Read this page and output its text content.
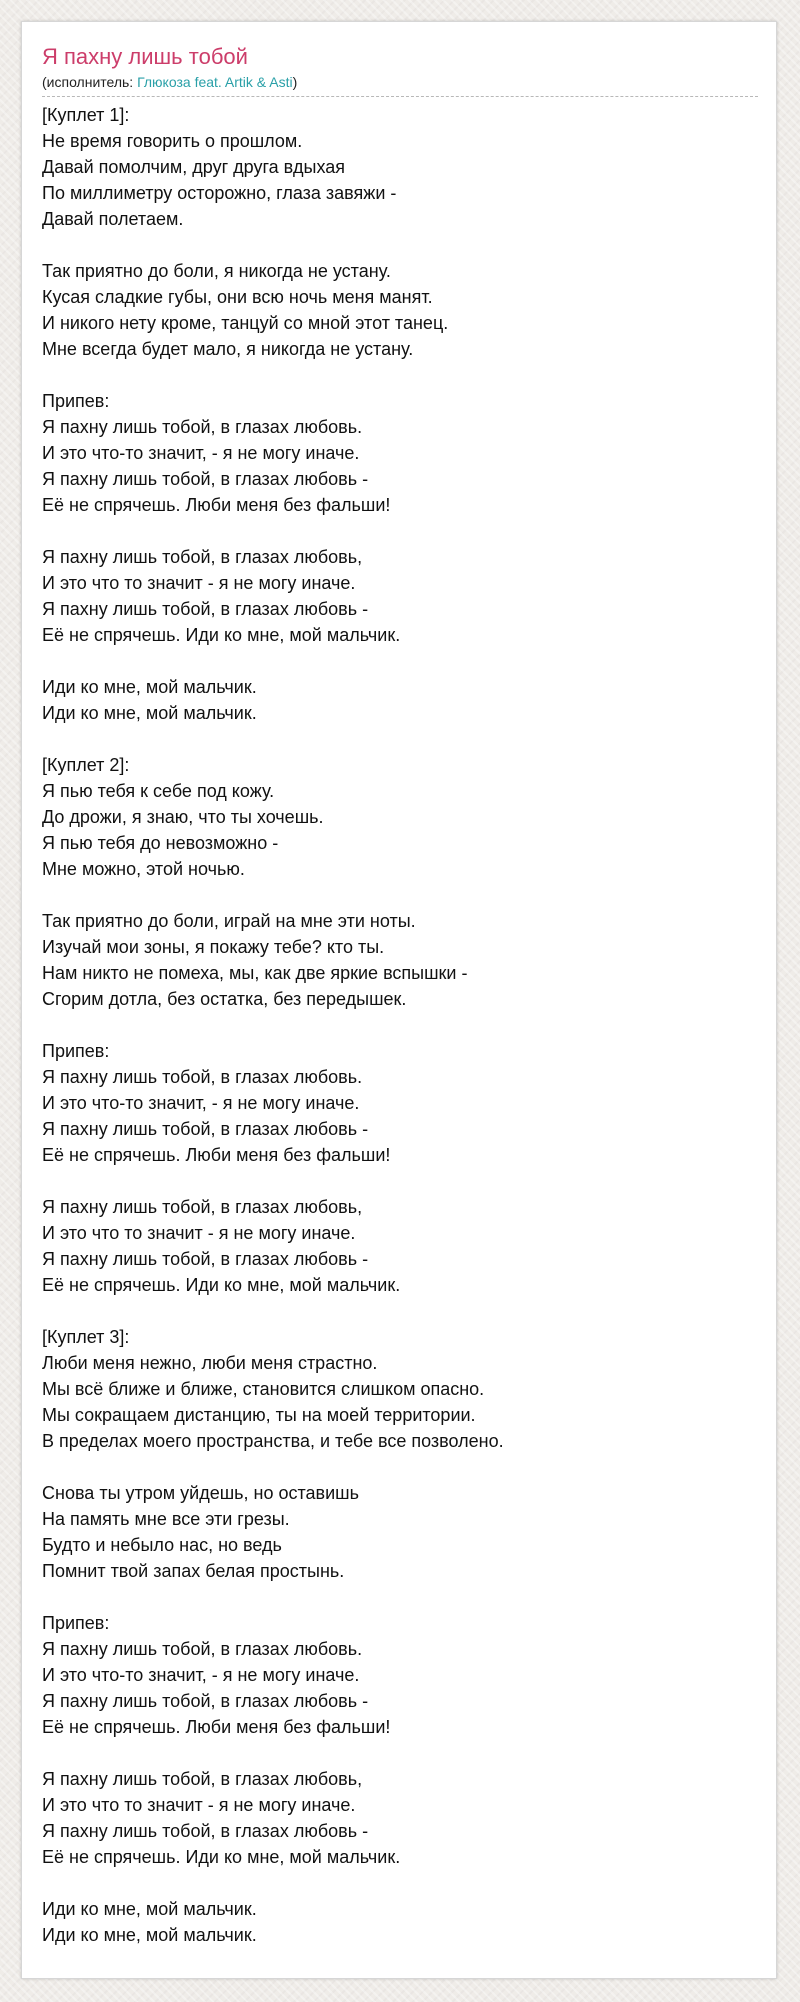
Я пахну лишь тобой
(исполнитель: Глюкоза feat. Artik & Asti)
[Куплет 1]:
Не время говорить о прошлом.
Давай помолчим, друг друга вдыхая
По миллиметру осторожно, глаза завяжи -
Давай полетаем.
Так приятно до боли, я никогда не устану.
Кусая сладкие губы, они всю ночь меня манят.
И никого нету кроме, танцуй со мной этот танец.
Мне всегда будет мало, я никогда не устану.
Припев:
Я пахну лишь тобой, в глазах любовь.
И это что-то значит, - я не могу иначе.
Я пахну лишь тобой, в глазах любовь -
Её не спрячешь. Люби меня без фальши!
Я пахну лишь тобой, в глазах любовь,
И это что то значит - я не могу иначе.
Я пахну лишь тобой, в глазах любовь -
Её не спрячешь. Иди ко мне, мой мальчик.
Иди ко мне, мой мальчик.
Иди ко мне, мой мальчик.
[Куплет 2]:
Я пью тебя к себе под кожу.
До дрожи, я знаю, что ты хочешь.
Я пью тебя до невозможно -
Мне можно, этой ночью.
Так приятно до боли, играй на мне эти ноты.
Изучай мои зоны, я покажу тебе? кто ты.
Нам никто не помеха, мы, как две яркие вспышки -
Сгорим дотла, без остатка, без передышек.
Припев:
Я пахну лишь тобой, в глазах любовь.
И это что-то значит, - я не могу иначе.
Я пахну лишь тобой, в глазах любовь -
Её не спрячешь. Люби меня без фальши!
Я пахну лишь тобой, в глазах любовь,
И это что то значит - я не могу иначе.
Я пахну лишь тобой, в глазах любовь -
Её не спрячешь. Иди ко мне, мой мальчик.
[Куплет 3]:
Люби меня нежно, люби меня страстно.
Мы всё ближе и ближе, становится слишком опасно.
Мы сокращаем дистанцию, ты на моей территории.
В пределах моего пространства, и тебе все позволено.
Снова ты утром уйдешь, но оставишь
На память мне все эти грезы.
Будто и небыло нас, но ведь
Помнит твой запах белая простынь.
Припев:
Я пахну лишь тобой, в глазах любовь.
И это что-то значит, - я не могу иначе.
Я пахну лишь тобой, в глазах любовь -
Её не спрячешь. Люби меня без фальши!
Я пахну лишь тобой, в глазах любовь,
И это что то значит - я не могу иначе.
Я пахну лишь тобой, в глазах любовь -
Её не спрячешь. Иди ко мне, мой мальчик.
Иди ко мне, мой мальчик.
Иди ко мне, мой мальчик.
